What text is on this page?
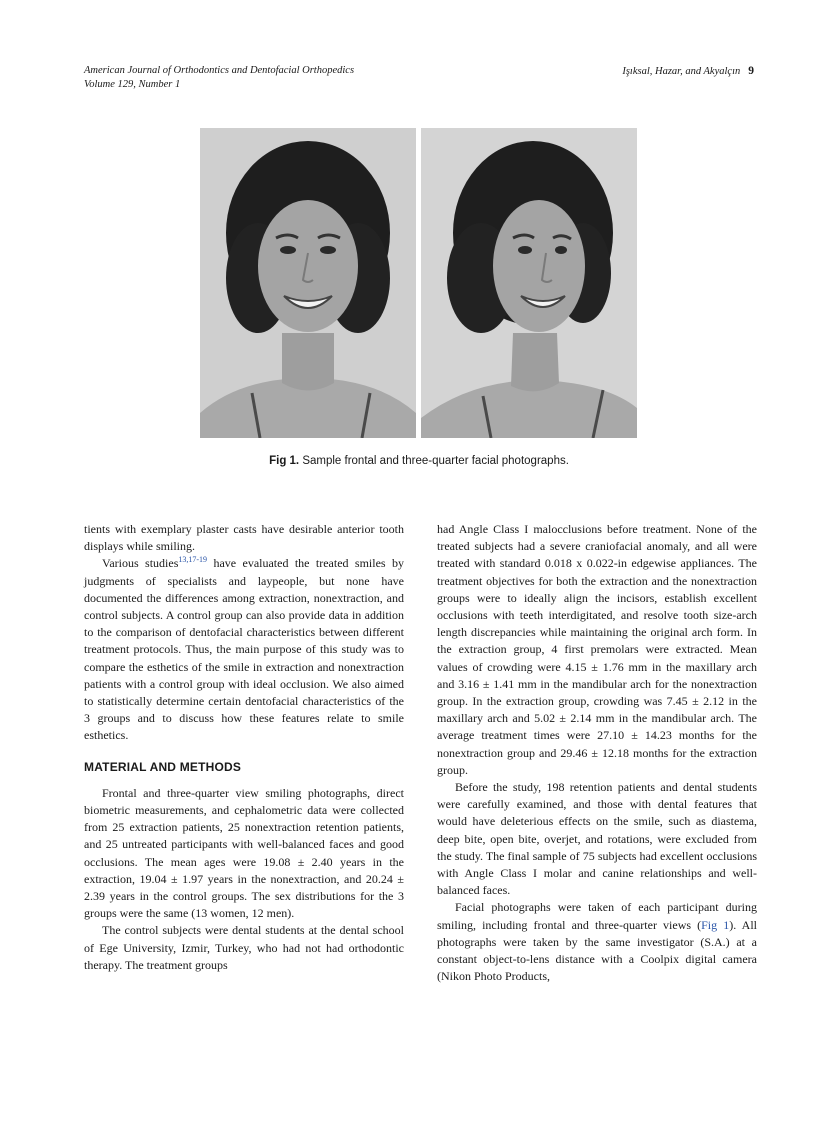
American Journal of Orthodontics and Dentofacial Orthopedics
Volume 129, Number 1
Işıksal, Hazar, and Akyalçın 9
Fig 1. Sample frontal and three-quarter facial photographs.

tients with exemplary plaster casts have desirable anterior tooth displays while smiling.

Various studies$^{13,17-19}$ have evaluated the treated smiles by judgments of specialists and laypeople, but none have documented the differences among extraction, nonextraction, and control subjects. A control group can also provide data in addition to the comparison of dentofacial characteristics between different treatment protocols. Thus, the main purpose of this study was to compare the esthetics of the smile in extraction and nonextraction patients with a control group with ideal occlusion. We also aimed to statistically determine certain dentofacial characteristics of the 3 groups and to discuss how these features relate to smile esthetics.

MATERIAL AND METHODS

Frontal and three-quarter view smiling photographs, direct biometric measurements, and cephalometric data were collected from 25 extraction patients, 25 nonextraction retention patients, and 25 untreated participants with well-balanced faces and good occlusions. The mean ages were 19.08 ± 2.40 years in the extraction, 19.04 ± 1.97 years in the nonextraction, and 20.24 ± 2.39 years in the control groups. The sex distributions for the 3 groups were the same (13 women, 12 men).

The control subjects were dental students at the dental school of Ege University, Izmir, Turkey, who had not had orthodontic therapy. The treatment groups

had Angle Class I malocclusions before treatment. None of the treated subjects had a severe craniofacial anomaly, and all were treated with standard 0.018 x 0.022-in edgewise appliances. The treatment objectives for both the extraction and the nonextraction groups were to ideally align the incisors, establish excellent occlusions with teeth interdigitated, and resolve tooth size-arch length discrepancies while maintaining the original arch form. In the extraction group, 4 first premolars were extracted. Mean values of crowding were 4.15 ± 1.76 mm in the maxillary arch and 3.16 ± 1.41 mm in the mandibular arch for the nonextraction group. In the extraction group, crowding was 7.45 ± 2.12 in the maxillary arch and 5.02 ± 2.14 mm in the mandibular arch. The average treatment times were 27.10 ± 14.23 months for the nonextraction group and 29.46 ± 12.18 months for the extraction group.

Before the study, 198 retention patients and dental students were carefully examined, and those with dental features that would have deleterious effects on the smile, such as diastema, deep bite, open bite, overjet, and rotations, were excluded from the study. The final sample of 75 subjects had excellent occlusions with Angle Class I molar and canine relationships and well-balanced faces.

Facial photographs were taken of each participant during smiling, including frontal and three-quarter views (Fig 1). All photographs were taken by the same investigator (S.A.) at a constant object-to-lens distance with a Coolpix digital camera (Nikon Photo Products,
